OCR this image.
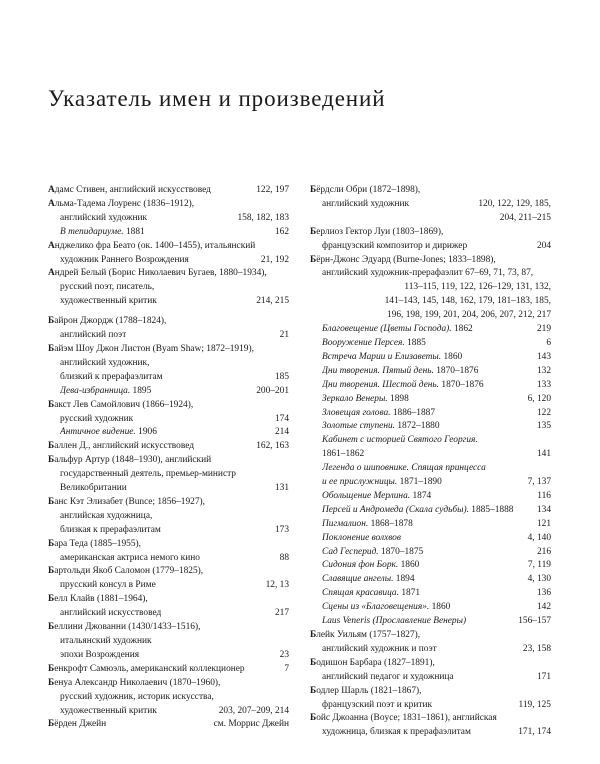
Указатель имен и произведений
Адамс Стивен, английский искусствовед	122, 197
Альма-Тадема Лоуренс (1836–1912),
английский художник	158, 182, 183
В тепидариуме. 1881	162
Анджелико фра Беато (ок. 1400–1455), итальянский
художник Раннего Возрождения	21, 192
Андрей Белый (Борис Николаевич Бугаев, 1880–1934),
русский поэт, писатель,
художественный критик	214, 215
Байрон Джордж (1788–1824),
английский поэт	21
Байэм Шоу Джон Листон (Byam Shaw; 1872–1919),
английский художник,
близкий к прерафаэлитам	185
Дева-избранница. 1895	200–201
Бакст Лев Самойлович (1866–1924),
русский художник	174
Античное видение. 1906	214
Баллен Д., английский искусствовед	162, 163
Бальфур Артур (1848–1930), английский
государственный деятель, премьер-министр
Великобритании	131
Банс Кэт Элизабет (Bunce; 1856–1927),
английская художница,
близкая к прерафаэлитам	173
Бара Теда (1885–1955),
американская актриса немого кино	88
Бартольди Якоб Саломон (1779–1825),
прусский консул в Риме	12, 13
Белл Клайв (1881–1964),
английский искусствовед	217
Беллини Джованни (1430/1433–1516),
итальянский художник
эпохи Возрождения	23
Бенкрофт Самюэль, американский коллекционер	7
Бенуа Александр Николаевич (1870–1960),
русский художник, историк искусства,
художественный критик	203, 207–209, 214
Бёрден Джейн	см. Моррис Джейн
Бёрдсли Обри (1872–1898),
английский художник	120, 122, 129, 185,
204, 211–215
Берлиоз Гектор Луи (1803–1869),
французский композитор и дирижер	204
Бёрн-Джонс Эдуард (Burne-Jones; 1833–1898),
английский художник-прерафаэлит 67–69, 71, 73, 87,
113–115, 119, 122, 126–129, 131, 132,
141–143, 145, 148, 162, 179, 181–183, 185,
196, 198, 199, 201, 204, 206, 207, 212, 217
Благовещение (Цветы Господа). 1862	219
Вооружение Персея. 1885	6
Встреча Марии и Елизаветы. 1860	143
Дни творения. Пятый день. 1870–1876	132
Дни творения. Шестой день. 1870–1876	133
Зеркало Венеры. 1898	6, 120
Зловещая голова. 1886–1887	122
Золотые ступени. 1872–1880	135
Кабинет с историей Святого Георгия.
1861–1862	141
Легенда о шиповнике. Спящая принцесса
и ее прислужницы. 1871–1890	7, 137
Обольщение Мерлина. 1874	116
Персей и Андромеда (Скала судьбы). 1885–1888	134
Пигмалион. 1868–1878	121
Поклонение волхвов	4, 140
Сад Гесперид. 1870–1875	216
Сидония фон Борк. 1860	7, 119
Славящие ангелы. 1894	4, 130
Спящая красавица. 1871	136
Сцены из «Благовещения». 1860	142
Laus Veneris (Прославление Венеры)	156–157
Блейк Уильям (1757–1827),
английский художник и поэт	23, 158
Бодишон Барбара (1827–1891),
английский педагог и художница	171
Бодлер Шарль (1821–1867),
французский поэт и критик	119, 125
Бойс Джоанна (Boyce; 1831–1861), английская
художница, близкая к прерафаэлитам	171, 174
